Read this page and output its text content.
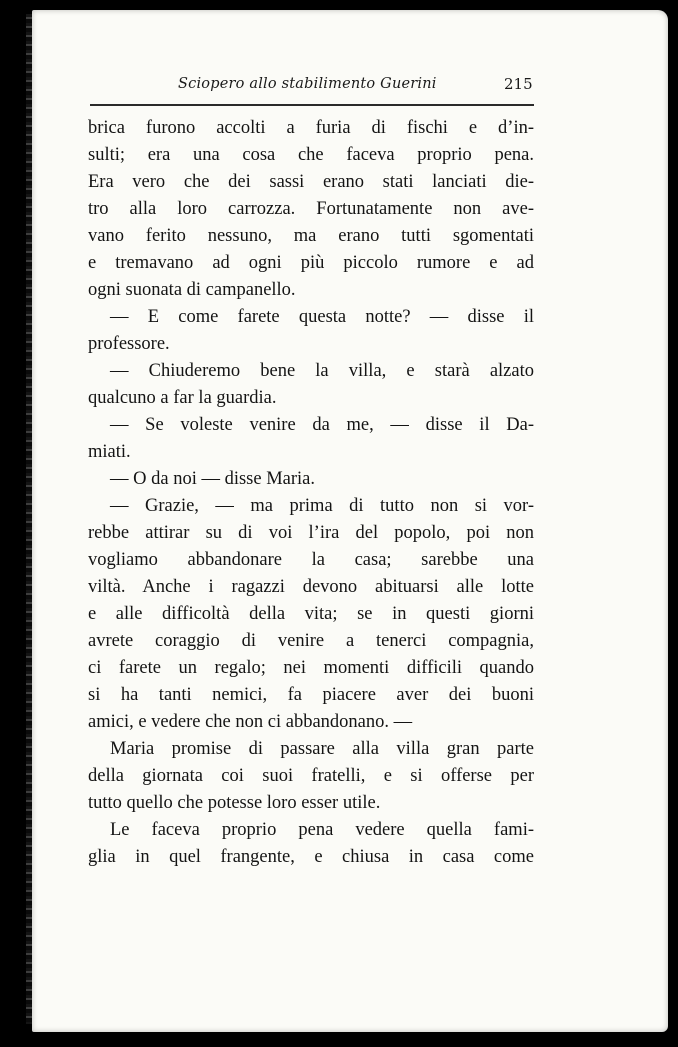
Sciopero allo stabilimento Guerini	215
brica furono accolti a furia di fischi e d’in-
sulti; era una cosa che faceva proprio pena.
Era vero che dei sassi erano stati lanciati die-
tro alla loro carrozza. Fortunatamente non ave-
vano ferito nessuno, ma erano tutti sgomentati
e tremavano ad ogni più piccolo rumore e ad
ogni suonata di campanello.
— E come farete questa notte? — disse il
professore.
— Chiuderemo bene la villa, e starà alzato
qualcuno a far la guardia.
— Se voleste venire da me, — disse il Da-
miati.
— O da noi — disse Maria.
— Grazie, — ma prima di tutto non si vor-
rebbe attirar su di voi l’ira del popolo, poi non
vogliamo abbandonare la casa; sarebbe una
viltà. Anche i ragazzi devono abituarsi alle lotte
e alle difficoltà della vita; se in questi giorni
avrete coraggio di venire a tenerci compagnia,
ci farete un regalo; nei momenti difficili quando
si ha tanti nemici, fa piacere aver dei buoni
amici, e vedere che non ci abbandonano. —
Maria promise di passare alla villa gran parte
della giornata coi suoi fratelli, e si offerse per
tutto quello che potesse loro esser utile.
Le faceva proprio pena vedere quella fami-
glia in quel frangente, e chiusa in casa come
